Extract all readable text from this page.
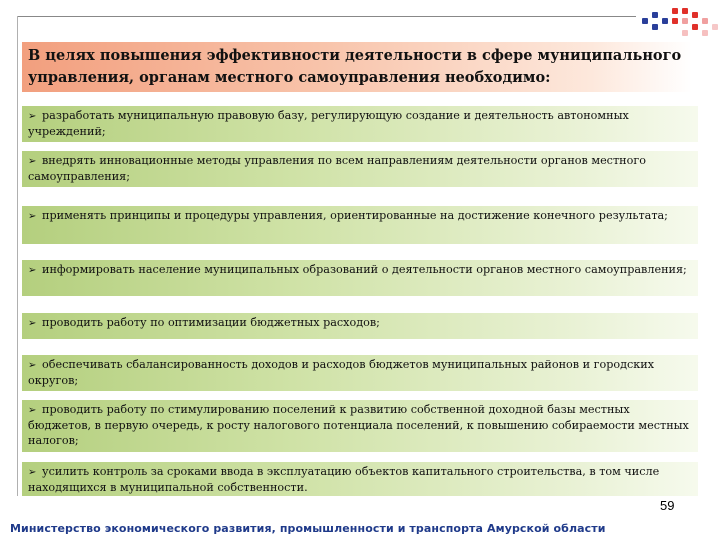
В целях повышения эффективности деятельности в сфере муниципального управления, органам местного самоуправления необходимо:
➢ разработать муниципальную правовую базу, регулирующую создание и деятельность автономных учреждений;
➢ внедрять инновационные методы управления по всем направлениям деятельности органов местного самоуправления;
➢ применять принципы и процедуры управления, ориентированные на достижение конечного результата;
➢ информировать население муниципальных образований о деятельности органов местного самоуправления;
➢ проводить работу по оптимизации бюджетных расходов;
➢ обеспечивать сбалансированность доходов и расходов бюджетов муниципальных районов и городских округов;
➢ проводить работу по стимулированию поселений к развитию собственной доходной базы местных бюджетов, в первую очередь, к росту налогового потенциала поселений, к повышению собираемости местных налогов;
➢ усилить контроль за сроками ввода в эксплуатацию объектов капитального строительства, в том числе находящихся в муниципальной собственности.
59
Министерство экономического развития, промышленности и транспорта Амурской области
